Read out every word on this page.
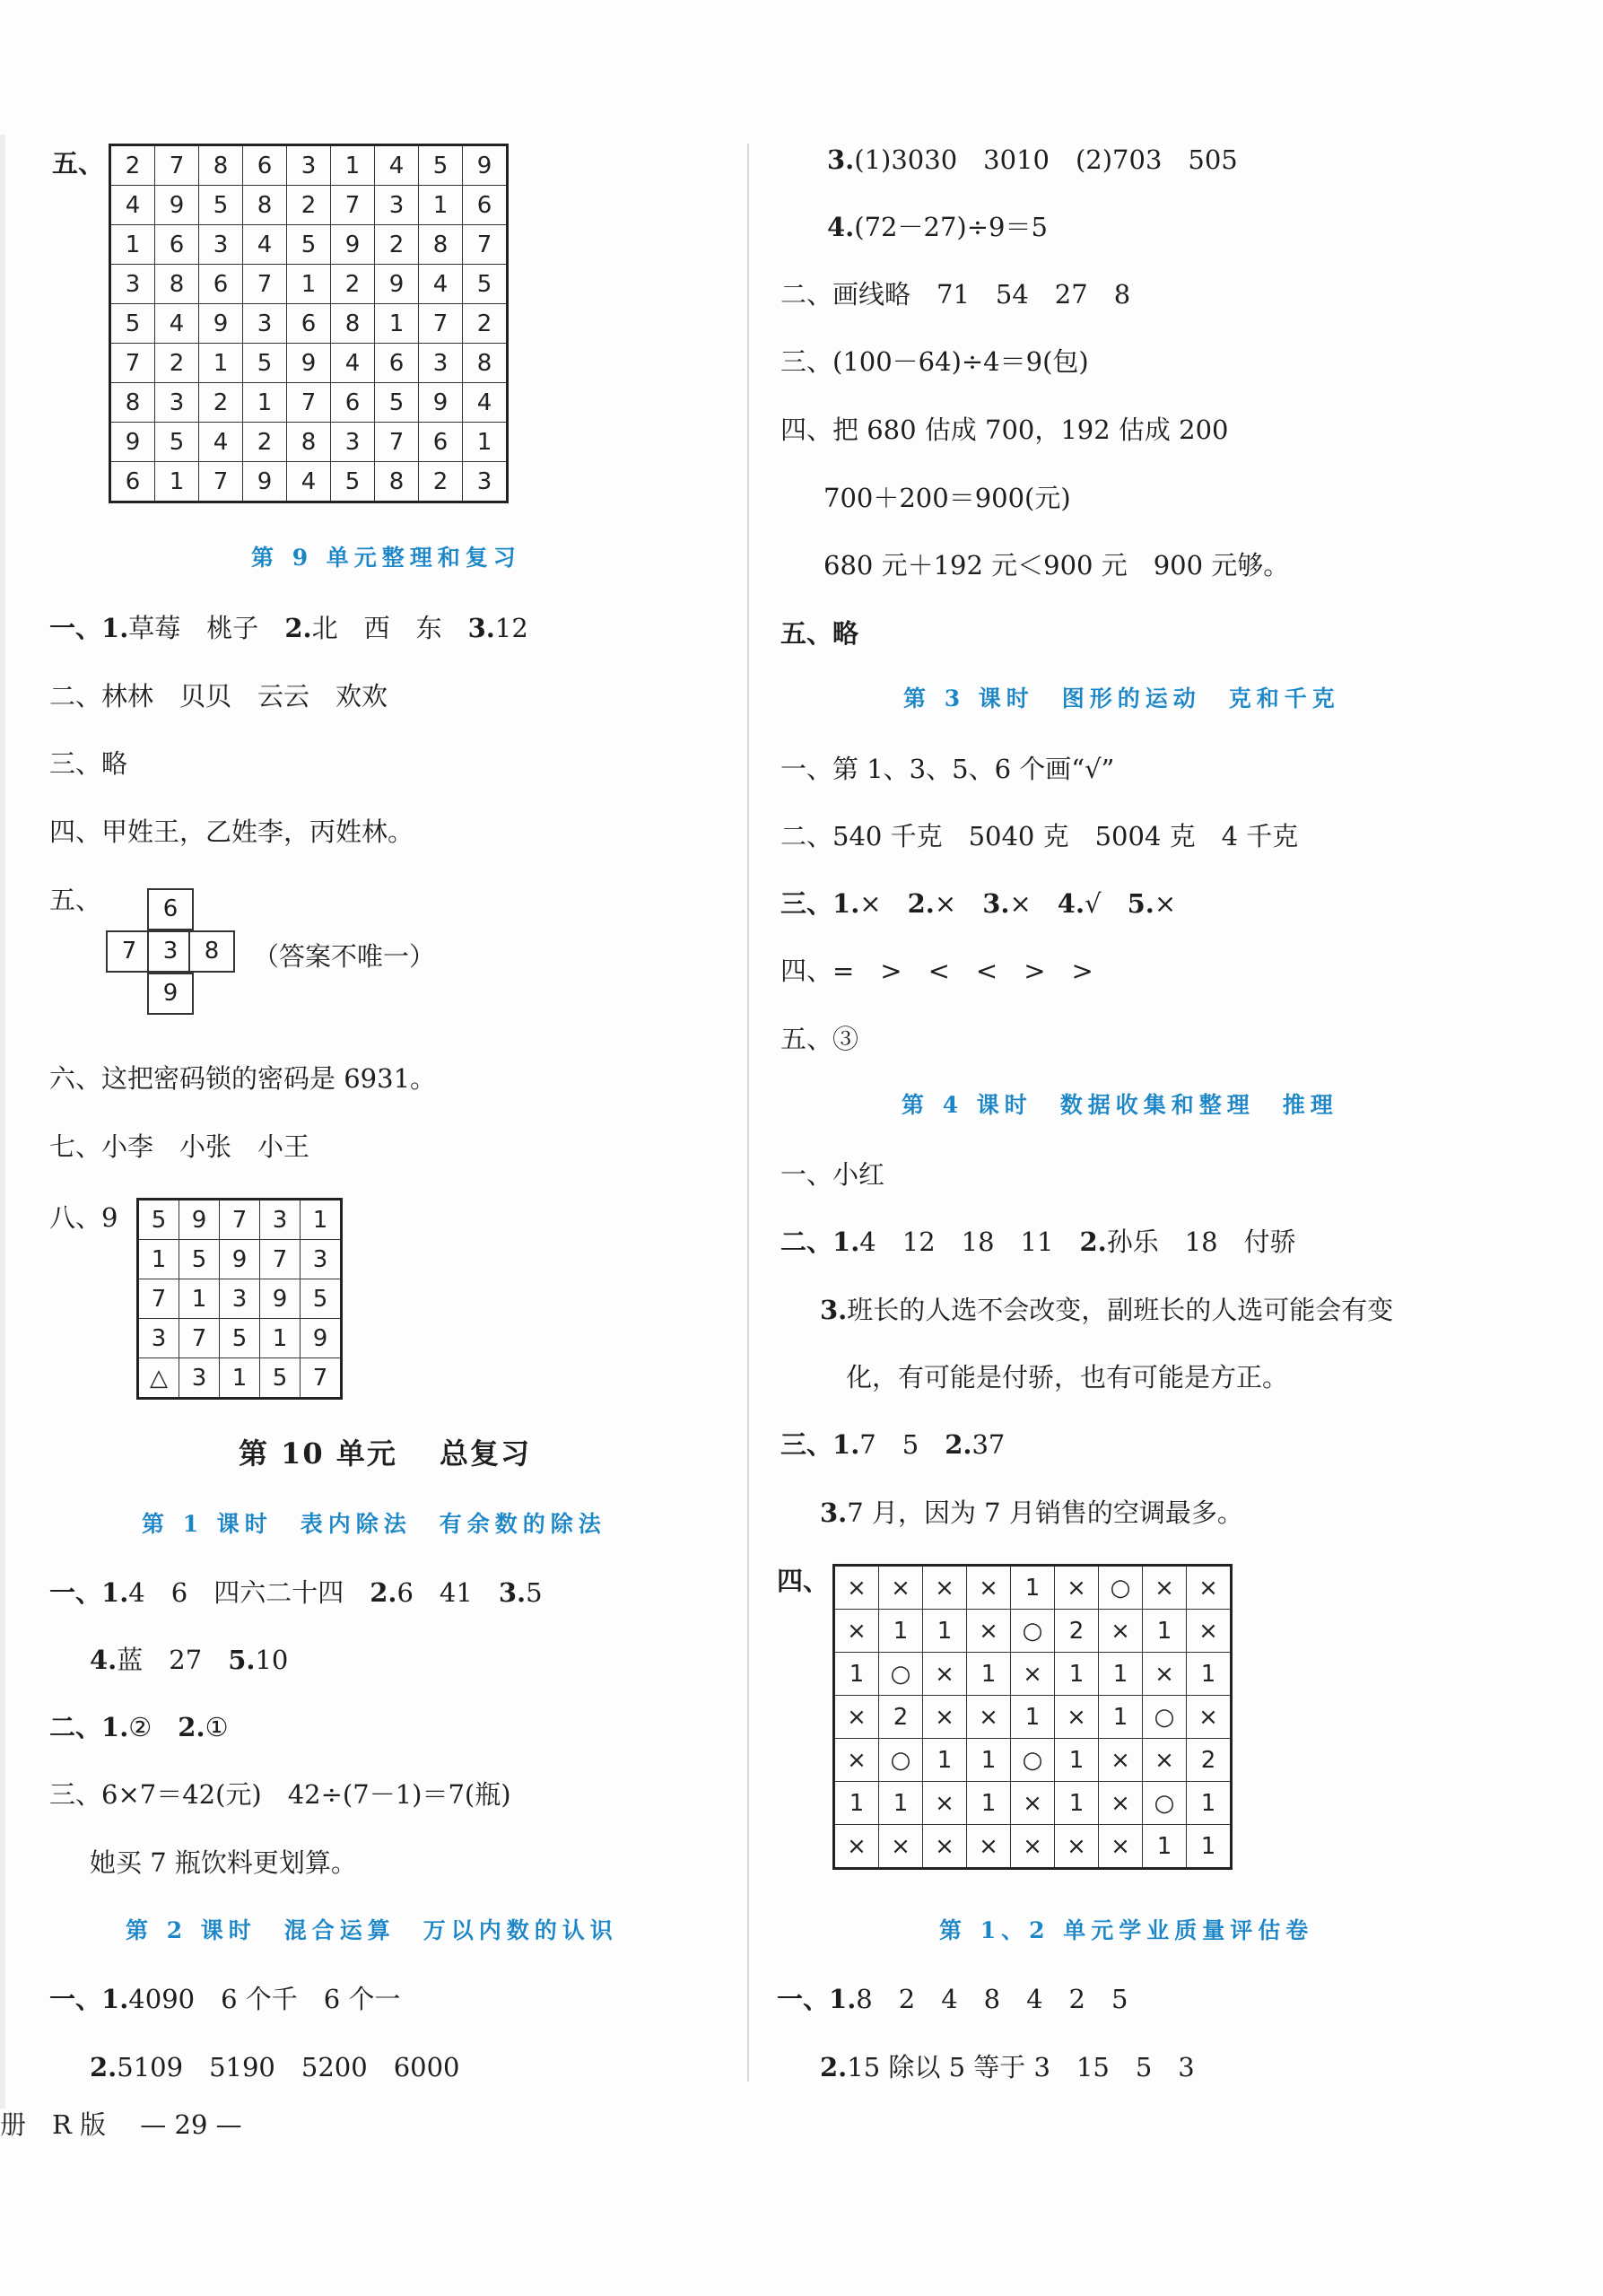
五、 2	7	8	6	3	1	4	5	9
4	9	5	8	2	7	3	1	6
1	6	3	4	5	9	2	8	7
3	8	6	7	1	2	9	4	5
5	4	9	3	6	8	1	7	2
7	2	1	5	9	4	6	3	8
8	3	2	1	7	6	5	9	4
9	5	4	2	8	3	7	6	1
6	1	7	9	4	5	8	2	3
第 9 单元整理和复习
一、1.草莓　桃子　2.北　西　东　3.12
二、林林　贝贝　云云　欢欢
三、略
四、甲姓王，乙姓李，丙姓林。
五、	6
7	3	8
9
（答案不唯一）
六、这把密码锁的密码是 6931。
七、小李　小张　小王
八、9 5	9	7	3	1
1	5	9	7	3
7	1	3	9	5
3	7	5	1	9
△	3	1	5	7
第 10 单元　 总复习
第 1 课时　表内除法　有余数的除法
一、1.4　6　四六二十四　2.6　41　3.5
4.蓝　27　5.10
二、1.②　2.①
三、6×7＝42(元)　42÷(7－1)＝7(瓶)
她买 7 瓶饮料更划算。
第 2 课时　混合运算　万以内数的认识
一、1.4090　6 个千　6 个一
2.5109　5190　5200　6000
册　R 版　 — 29 —
3.(1)3030　3010　(2)703　505
4.(72－27)÷9＝5
二、画线略　71　54　27　8
三、(100－64)÷4＝9(包)
四、把 680 估成 700，192 估成 200
700＋200＝900(元)
680 元＋192 元＜900 元　900 元够。
五、略
第 3 课时　图形的运动　克和千克
一、第 1、3、5、6 个画“√”
二、540 千克　5040 克　5004 克　4 千克
三、1.×　2.×　3.×　4.√　5.×
四、=　>　<　<　>　>
五、③
第 4 课时　数据收集和整理　推理
一、小红
二、1.4　12　18　11　2.孙乐　18　付骄
3.班长的人选不会改变，副班长的人选可能会有变
化，有可能是付骄，也有可能是方正。
三、1.7　5　2.37
3.7 月，因为 7 月销售的空调最多。
四、 ×	×	×	×	1	×	○	×	×
×	1	1	×	○	2	×	1	×
1	○	×	1	×	1	1	×	1
×	2	×	×	1	×	1	○	×
×	○	1	1	○	1	×	×	2
1	1	×	1	×	1	×	○	1
×	×	×	×	×	×	×	1	1
第 1、2 单元学业质量评估卷
一、1.8　2　4　8　4　2　5
2.15 除以 5 等于 3　15　5　3
